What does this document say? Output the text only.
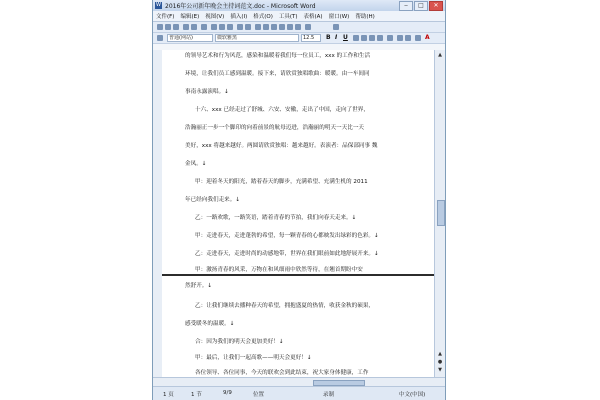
W 2016年公司新年晚会主持词范文.doc - Microsoft Word	‒	□	✕
文件(F) 编辑(E) 视图(V) 插入(I) 格式(O) 工具(T) 表格(A) 窗口(W) 帮助(H)
普通(网站)	微软雅黑	12.5	B I U	A
的领导艺术和行为风范，感染和温暖着我们每一位员工，xxx 的工作和生活
环境，让我们员工感到温暖。接下来，请欣赏独唱歌曲：暖暖。由一车间同
事南永露演唱。↓
十六、xxx 已经走过了舒城、六安、安徽，走出了中国，走向了世界，
浩瀚丽正一步一个脚印的向着前景的航母迈进，浩瀚丽的明天一天比一天
美好，xxx 将越来越好。两圆请欣赏独唱：越来越好。表演者：品保部同事 魏
金凤。↓
甲：迎着冬天的阳光，踏着春天的脚步，充满希望、充满生机的 2011
年已经向我们走来。↓
乙：一路欢歌，一路笑语，踏着青春的节拍，我们向春天走来。↓
甲：走进春天，走进蓬勃的希望，每一颗青春的心都映发出绿彩的色彩。↓
乙：走进春天，走进时尚的动感地带，世界在我们眼前如此地舒展开来。↓
甲：激扬青春的风采，万物在和风细雨中欣然等待，在翘首期盼中安
然舒开。↓
乙：让我们继续去播种春天的希望，拥抱盛夏的热情，收获金秋的硕果，
感受暖冬的温暖。↓
合：因为我们的明天会更加美好！↓
甲：最后，让我们一起高歌——明天会更好！↓
各位领导、各位同事，今天的联欢会到此结束，祝大家身体健康，工作
▲
▲
●
▼
1 页	1 节	9/9	位置	录制	中文(中国)
